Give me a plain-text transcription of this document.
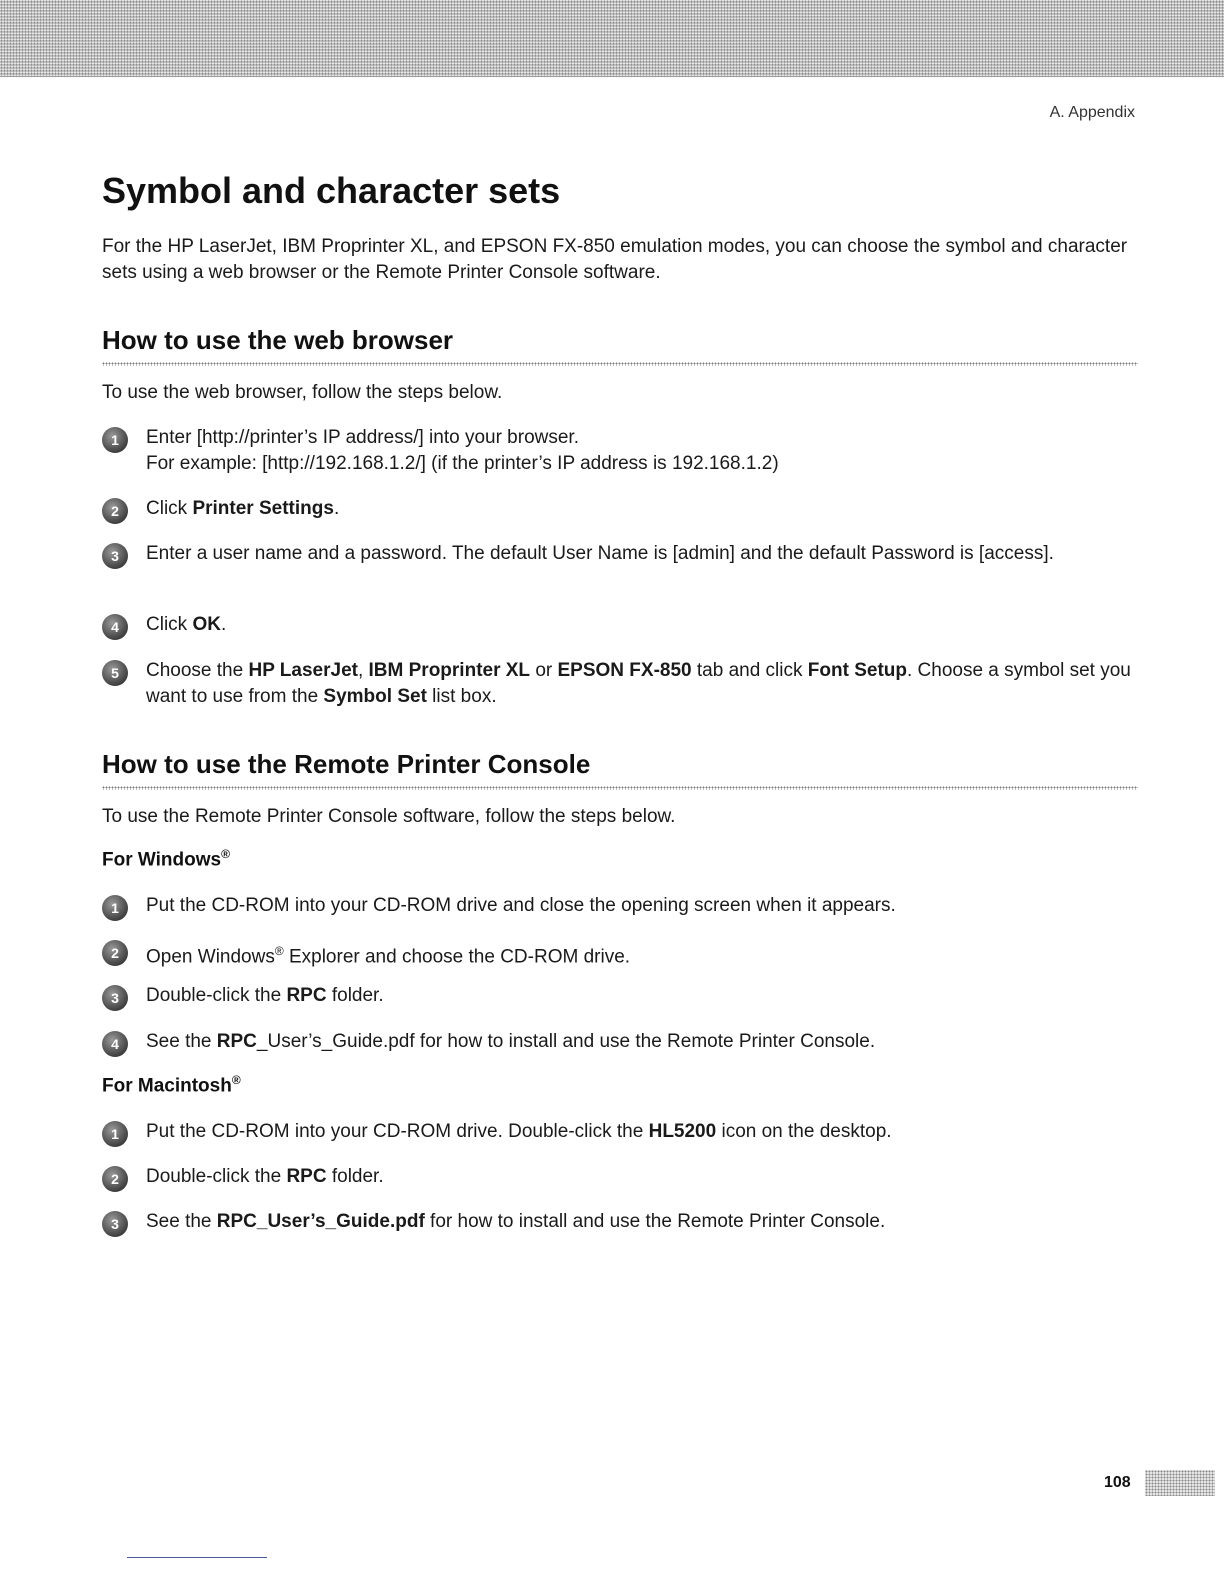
A. Appendix
Symbol and character sets

For the HP LaserJet, IBM Proprinter XL, and EPSON FX-850 emulation modes, you can choose the symbol and character sets using a web browser or the Remote Printer Console software.

How to use the web browser

To use the web browser, follow the steps below.

1	Enter [http://printer’s IP address/] into your browser.
For example: [http://192.168.1.2/] (if the printer’s IP address is 192.168.1.2)
2	Click Printer Settings.
3	Enter a user name and a password. The default User Name is [admin] and the default Password is [access].
4	Click OK.
5	Choose the HP LaserJet, IBM Proprinter XL or EPSON FX-850 tab and click Font Setup. Choose a symbol set you want to use from the Symbol Set list box.
How to use the Remote Printer Console

To use the Remote Printer Console software, follow the steps below.

For Windows®
1	Put the CD-ROM into your CD-ROM drive and close the opening screen when it appears.
2	Open Windows® Explorer and choose the CD-ROM drive.
3	Double-click the RPC folder.
4	See the RPC_User’s_Guide.pdf for how to install and use the Remote Printer Console.
For Macintosh®
1	Put the CD-ROM into your CD-ROM drive. Double-click the HL5200 icon on the desktop.
2	Double-click the RPC folder.
3	See the RPC_User’s_Guide.pdf for how to install and use the Remote Printer Console.
108
